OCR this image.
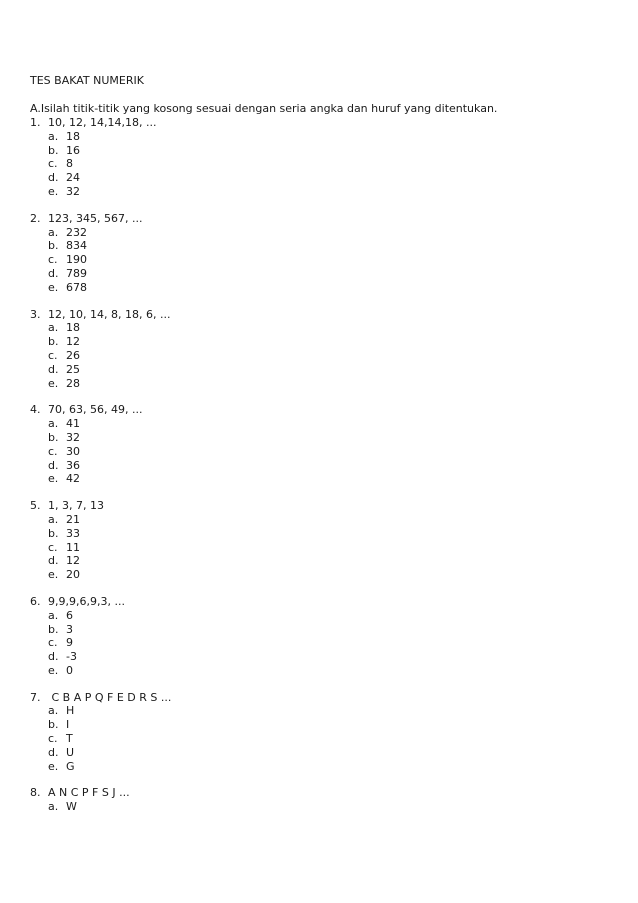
TES BAKAT NUMERIK
A.Isilah titik-titik yang kosong sesuai dengan seria angka dan huruf yang ditentukan.
1. 10, 12, 14,14,18, ...
a. 18
b. 16
c. 8
d. 24
e. 32
2. 123, 345, 567, ...
a. 232
b. 834
c. 190
d. 789
e. 678
3. 12, 10, 14, 8, 18, 6, ...
a. 18
b. 12
c. 26
d. 25
e. 28
4. 70, 63, 56, 49, ...
a. 41
b. 32
c. 30
d. 36
e. 42
5. 1, 3, 7, 13
a. 21
b. 33
c. 11
d. 12
e. 20
6. 9,9,9,6,9,3, ...
a. 6
b. 3
c. 9
d. -3
e. 0
7. C B A P Q F E D R S ...
a. H
b. I
c. T
d. U
e. G
8. A N C P F S J ...
a. W
